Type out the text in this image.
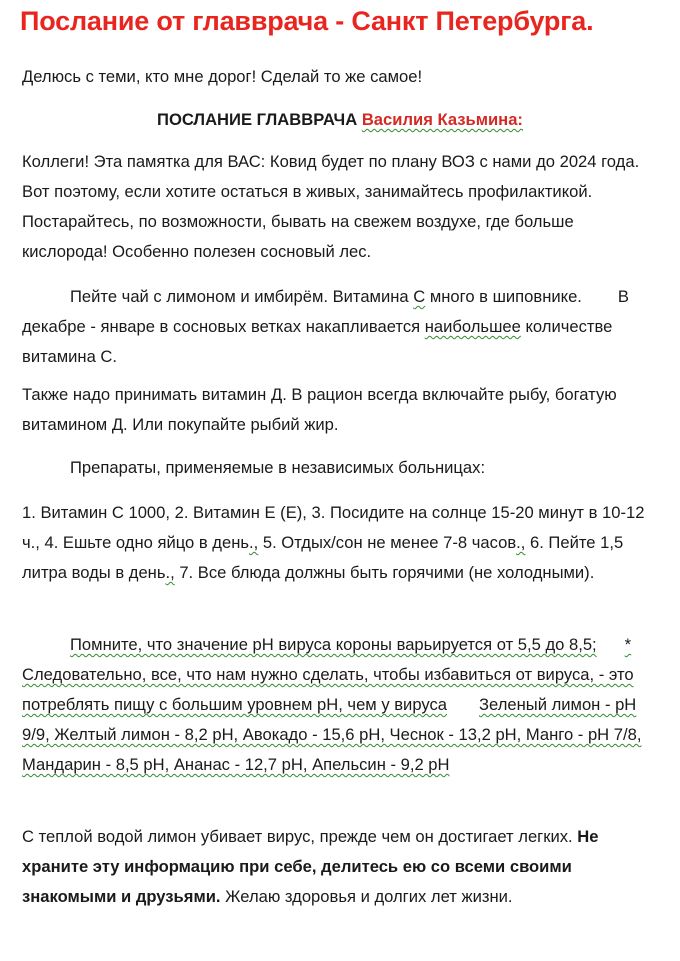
Послание от главврача - Санкт Петербурга.

Делюсь с теми, кто мне дорог! Сделай то же самое!

ПОСЛАНИЕ ГЛАВВРАЧА Василия Казьмина:

Коллеги! Эта памятка для ВАС: Ковид будет по плану ВОЗ с нами до 2024 года. Вот поэтому, если хотите остаться в живых, занимайтесь профилактикой. Постарайтесь, по возможности, бывать на свежем воздухе, где больше кислорода! Особенно полезен сосновый лес.

Пейте чай с лимоном и имбирём. Витамина С много в шиповнике. В декабре - январе в сосновых ветках накапливается наибольшее количестве витамина С.

Также надо принимать витамин Д. В рацион всегда включайте рыбу, богатую витамином Д. Или покупайте рыбий жир.

Препараты, применяемые в независимых больницах:

1. Витамин С 1000, 2. Витамин Е (Е), 3. Посидите на солнце 15-20 минут в 10-12 ч., 4. Ешьте одно яйцо в день., 5. Отдых/сон не менее 7-8 часов., 6. Пейте 1,5 литра воды в день., 7. Все блюда должны быть горячими (не холодными).

Помните, что значение рН вируса короны варьируется от 5,5 до 8,5; * Следовательно, все, что нам нужно сделать, чтобы избавиться от вируса, - это потреблять пищу с большим уровнем рН, чем у вируса Зеленый лимон - рН 9/9, Желтый лимон - 8,2 рН, Авокадо - 15,6 рН, Чеснок - 13,2 рН, Манго - рН 7/8, Мандарин - 8,5 рН, Ананас - 12,7 рН, Апельсин - 9,2 рН

С теплой водой лимон убивает вирус, прежде чем он достигает легких. Не храните эту информацию при себе, делитесь ею со всеми своими знакомыми и друзьями. Желаю здоровья и долгих лет жизни.
